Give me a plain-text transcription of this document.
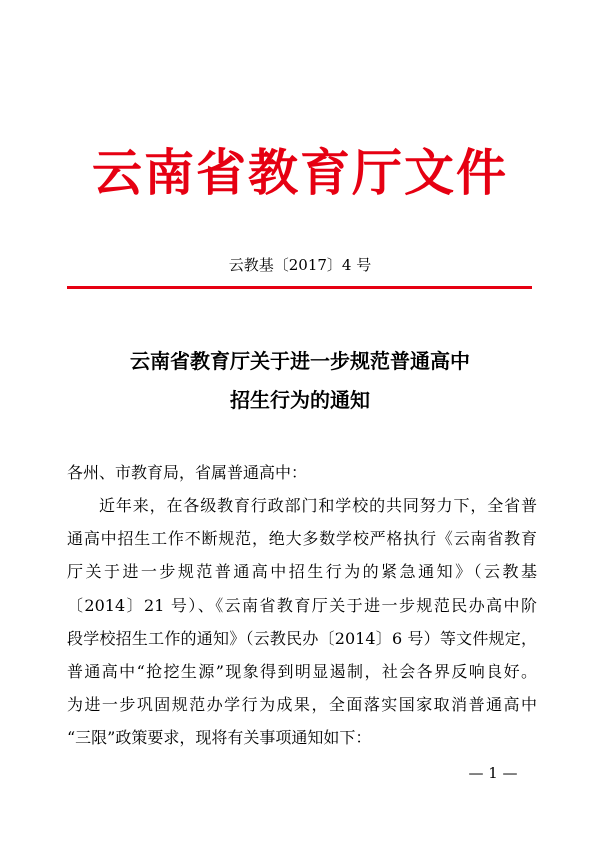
云南省教育厅文件
云教基〔2017〕4 号
云南省教育厅关于进一步规范普通高中
招生行为的通知
各州、市教育局，省属普通高中：
近年来，在各级教育行政部门和学校的共同努力下，全省普
通高中招生工作不断规范，绝大多数学校严格执行《云南省教育
厅关于进一步规范普通高中招生行为的紧急通知》（云教基
〔2014〕21 号）、《云南省教育厅关于进一步规范民办高中阶
段学校招生工作的通知》（云教民办〔2014〕6 号）等文件规定，
普通高中“抢挖生源”现象得到明显遏制，社会各界反响良好。
为进一步巩固规范办学行为成果，全面落实国家取消普通高中
“三限”政策要求，现将有关事项通知如下：
— 1 —
